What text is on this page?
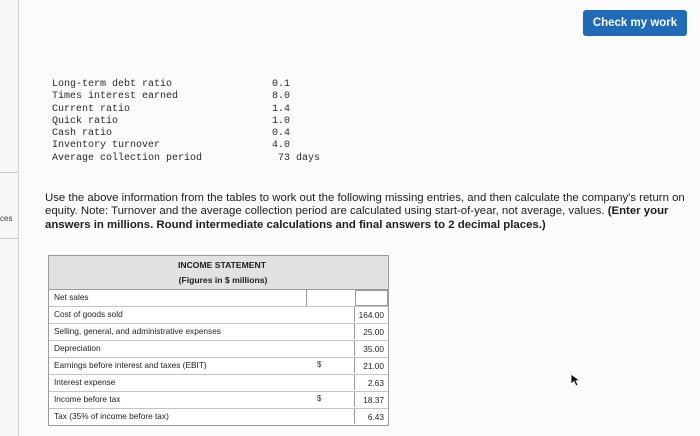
ces
Check my work
Long-term debt ratio	0.1
Times interest earned	8.0
Current ratio	1.4
Quick ratio	1.0
Cash ratio	0.4
Inventory turnover	4.0
Average collection period	73 days
Use the above information from the tables to work out the following missing entries, and then calculate the company's return on equity. Note: Turnover and the average collection period are calculated using start-of-year, not average, values. (Enter your answers in millions. Round intermediate calculations and final answers to 2 decimal places.)
INCOME STATEMENT
(Figures in $ millions)
Net sales
Cost of goods sold	164.00
Selling, general, and administrative expenses	25.00
Depreciation	35.00
Earnings before interest and taxes (EBIT)	$	21.00
Interest expense	2.63
Income before tax	$	18.37
Tax (35% of income before tax)	6.43
